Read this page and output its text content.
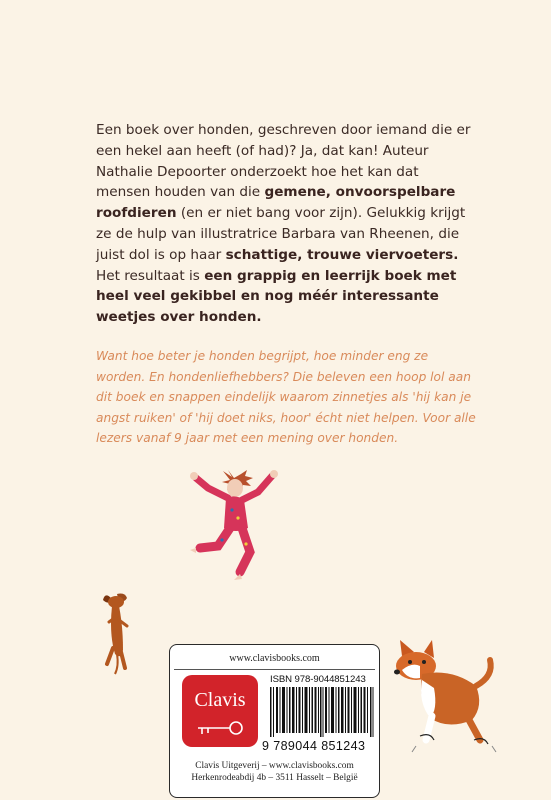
Een boek over honden, geschreven door iemand die er een hekel aan heeft (of had)? Ja, dat kan! Auteur Nathalie Depoorter onderzoekt hoe het kan dat mensen houden van die gemene, onvoorspelbare roofdieren (en er niet bang voor zijn). Gelukkig krijgt ze de hulp van illustratrice Barbara van Rheenen, die juist dol is op haar schattige, trouwe viervoeters. Het resultaat is een grappig en leerrijk boek met heel veel gekibbel en nog méér interessante weetjes over honden.

Want hoe beter je honden begrijpt, hoe minder eng ze worden. En hondenliefhebbers? Die beleven een hoop lol aan dit boek en snappen eindelijk waarom zinnetjes als 'hij kan je angst ruiken' of 'hij doet niks, hoor' écht niet helpen. Voor alle lezers vanaf 9 jaar met een mening over honden.

www.clavisbooks.com
Clavis
ISBN 978-9044851243
9 789044 851243
Clavis Uitgeverij – www.clavisbooks.com
Herkenrodeabdij 4b – 3511 Hasselt – België
